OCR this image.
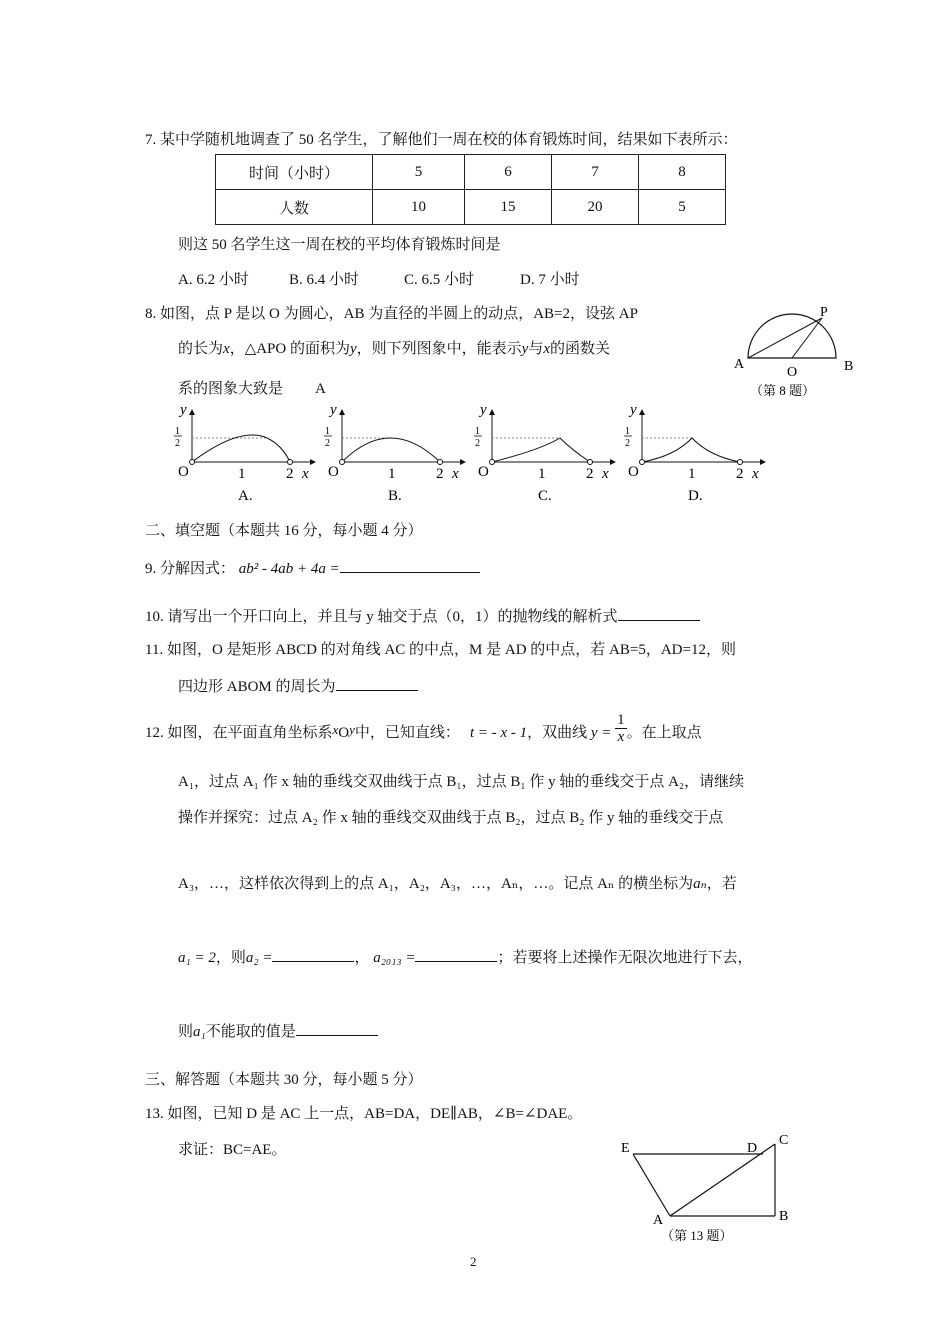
7. 某中学随机地调查了 50 名学生，了解他们一周在校的体育锻炼时间，结果如下表所示：
时间（小时）	5	6	7	8
人数	10	15	20	5
则这 50 名学生这一周在校的平均体育锻炼时间是
A. 6.2 小时	B. 6.4 小时	C. 6.5 小时	D. 7 小时
8. 如图，点 P 是以 O 为圆心，AB 为直径的半圆上的动点，AB=2，设弦 AP
的长为x，△APO 的面积为y，则下列图象中，能表示y与x的函数关
系的图象大致是 A
A
O	B
P
（第 8 题）
y
1
2
O	1	2 x
A.
y
1
2
O	1	2 x
B.
y
1
2
O	1	2 x
C.
y
1
2
O	1	2 x
D.
二、填空题（本题共 16 分，每小题 4 分）
9. 分解因式： ab² - 4ab + 4a =
10. 请写出一个开口向上，并且与 y 轴交于点（0，1）的抛物线的解析式
11. 如图，O 是矩形 ABCD 的对角线 AC 的中点，M 是 AD 的中点，若 AB=5，AD=12，则
四边形 ABOM 的周长为
12. 如图，在平面直角坐标系xOy中，已知直线： t = - x - 1，双曲线 $y = \frac{1}{x}$ 。在上取点
A₁，过点 A₁ 作 x 轴的垂线交双曲线于点 B₁，过点 B₁ 作 y 轴的垂线交于点 A₂，请继续
操作并探究：过点 A₂ 作 x 轴的垂线交双曲线于点 B₂，过点 B₂ 作 y 轴的垂线交于点
A₃，…，这样依次得到上的点 A₁，A₂，A₃，…，Aₙ，…。记点 Aₙ 的横坐标为aₙ，若
a₁ = 2，则a₂ =	， a₂₀₁₃ =	；若要将上述操作无限次地进行下去，
则a₁不能取的值是
三、解答题（本题共 30 分，每小题 5 分）
13. 如图，已知 D 是 AC 上一点，AB=DA，DE∥AB，∠B=∠DAE。
求证：BC=AE。	E	D
C
A	B
（第 13 题）
2
